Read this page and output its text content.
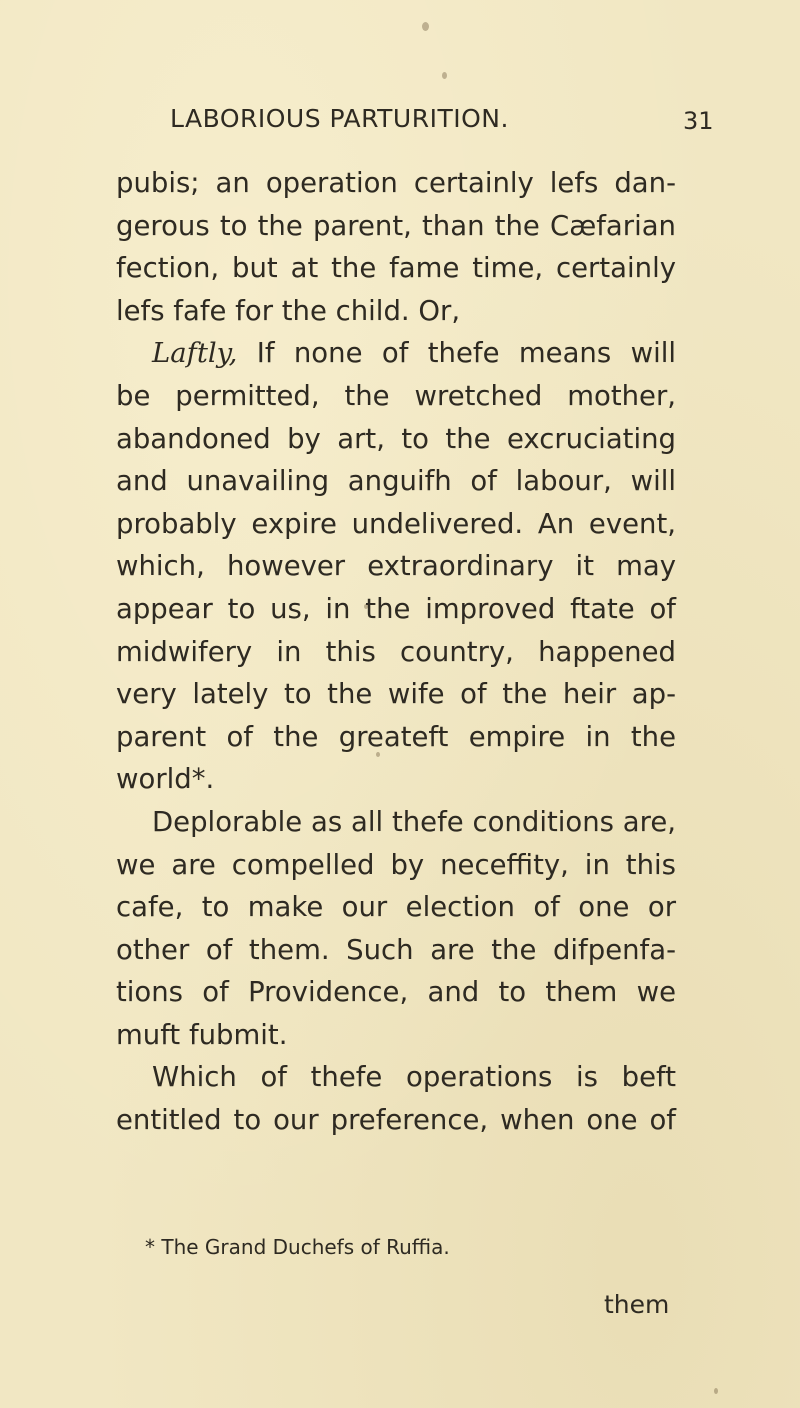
LABORIOUS PARTURITION.	31
pubis; an operation certainly lefs dan-
gerous to the parent, than the Cæfarian
fection, but at the fame time, certainly
lefs fafe for the child. Or,
Laftly, If none of thefe means will
be permitted, the wretched mother,
abandoned by art, to the excruciating
and unavailing anguifh of labour, will
probably expire undelivered. An event,
which, however extraordinary it may
appear to us, in the improved ftate of
midwifery in this country, happened
very lately to the wife of the heir ap-
parent of the greateft empire in the
world*.
Deplorable as all thefe conditions are,
we are compelled by neceffity, in this
cafe, to make our election of one or
other of them. Such are the difpenfa-
tions of Providence, and to them we
muft fubmit.
Which of thefe operations is beft
entitled to our preference, when one of
* The Grand Duchefs of Ruffia.
them
